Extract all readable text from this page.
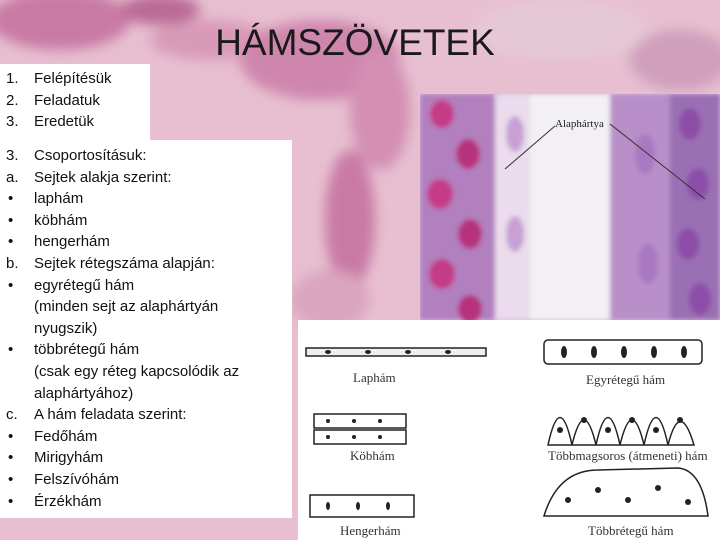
HÁMSZÖVETEK
1. Felépítésük
2. Feladatuk
3. Eredetük
3. Csoportosításuk:
a. Sejtek alakja szerint:
• laphám
• köbhám
• hengerhám
b. Sejtek rétegszáma alapján:
• egyrétegű hám
(minden sejt az alaphártyán nyugszik)
• többrétegű hám
(csak egy réteg kapcsolódik az alaphártyához)
c. A hám feladata szerint:
• Fedőhám
• Mirigyhám
• Felszívóhám
• Érzékhám
Alaphártya
Laphám
Köbhám
Hengerhám
Egyrétegű hám
Többmagsoros (átmeneti) hám
Többrétegű hám
